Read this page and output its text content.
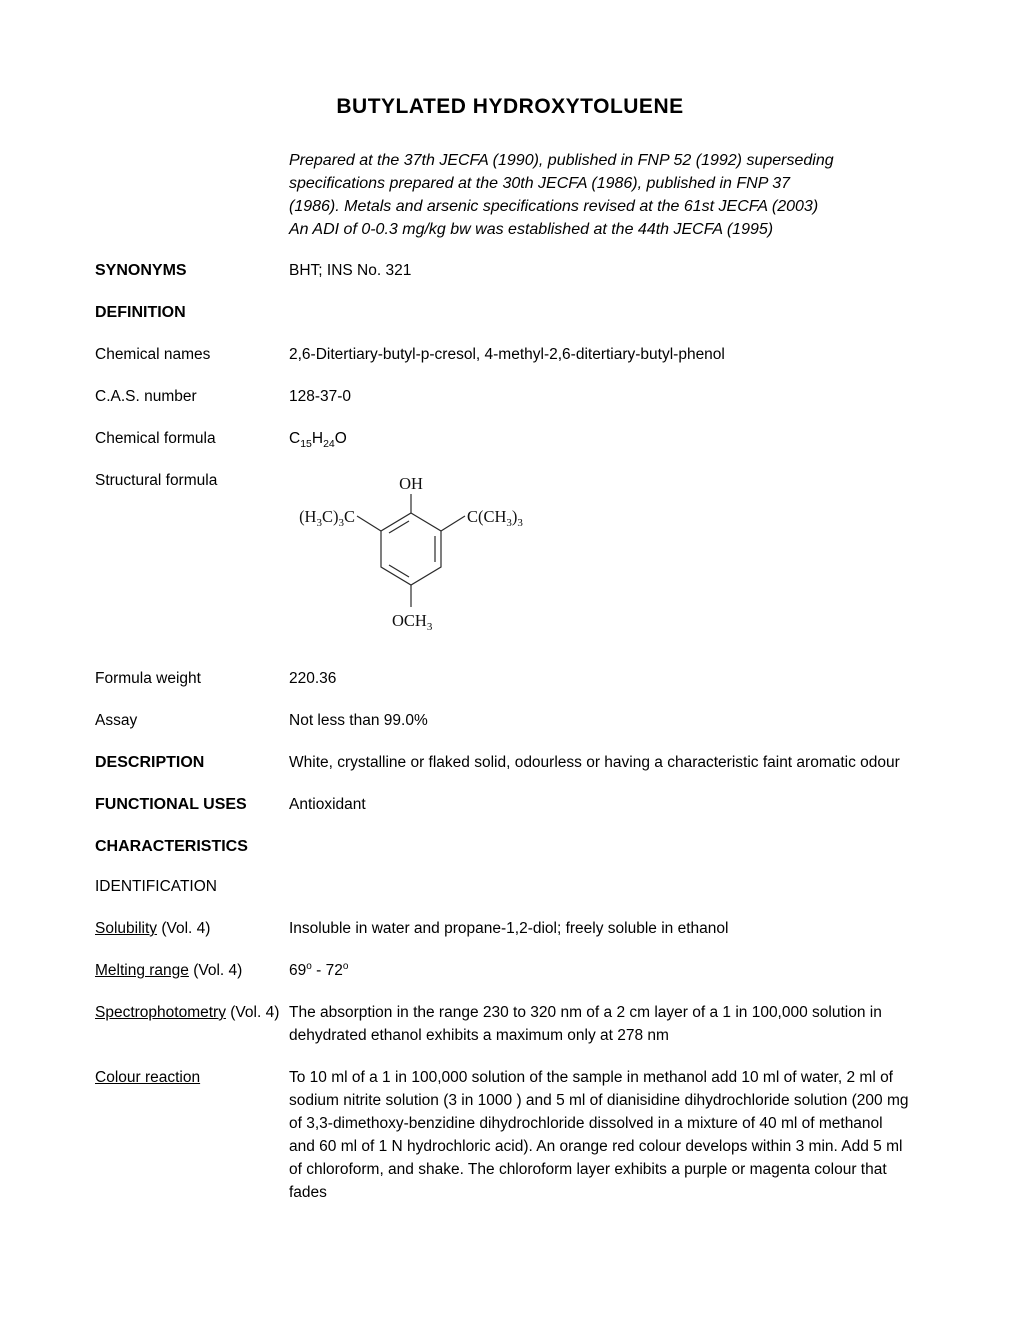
BUTYLATED HYDROXYTOLUENE
Prepared at the 37th JECFA (1990), published in FNP 52 (1992) superseding
specifications prepared at the 30th JECFA (1986), published in FNP 37
(1986). Metals and arsenic specifications revised at the 61st JECFA (2003)
An ADI of 0-0.3 mg/kg bw was established at the 44th JECFA (1995)
SYNONYMS	BHT; INS No. 321
DEFINITION
Chemical names	2,6-Ditertiary-butyl-p-cresol, 4-methyl-2,6-ditertiary-butyl-phenol
C.A.S. number	128-37-0
Chemical formula	$C_{15}H_{24}O$
Structural formula	OH
$(H_3C)_3C$	$C(CH_3)_3$
$OCH_3$
Formula weight	220.36
Assay	Not less than 99.0%
DESCRIPTION	White, crystalline or flaked solid, odourless or having a characteristic faint aromatic odour
FUNCTIONAL USES	Antioxidant
CHARACTERISTICS
IDENTIFICATION
Solubility (Vol. 4)	Insoluble in water and propane-1,2-diol; freely soluble in ethanol
Melting range (Vol. 4)	69$^o$ - 72$^o$
Spectrophotometry (Vol. 4) The absorption in the range 230 to 320 nm of a 2 cm layer of a 1 in 100,000 solution in dehydrated ethanol exhibits a maximum only at 278 nm
Colour reaction	To 10 ml of a 1 in 100,000 solution of the sample in methanol add 10 ml of water, 2 ml of sodium nitrite solution (3 in 1000 ) and 5 ml of dianisidine dihydrochloride solution (200 mg of 3,3-dimethoxy-benzidine dihydrochloride dissolved in a mixture of 40 ml of methanol and 60 ml of 1 N hydrochloric acid). An orange red colour develops within 3 min. Add 5 ml of chloroform, and shake. The chloroform layer exhibits a purple or magenta colour that fades
